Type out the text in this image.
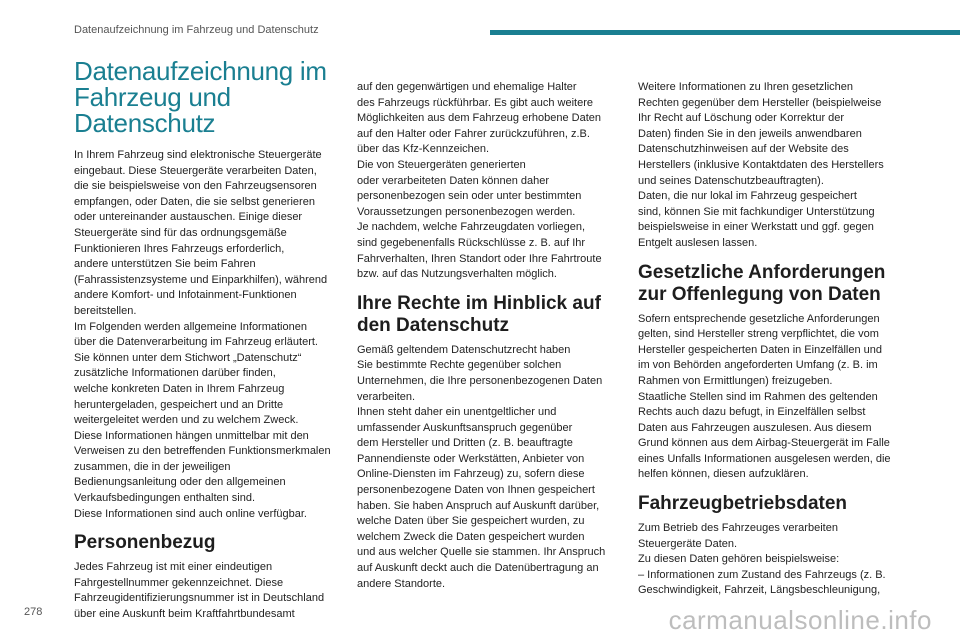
Datenaufzeichnung im Fahrzeug und Datenschutz
Datenaufzeichnung im Fahrzeug und Datenschutz

In Ihrem Fahrzeug sind elektronische Steuergeräte
eingebaut. Diese Steuergeräte verarbeiten Daten,
die sie beispielsweise von den Fahrzeugsensoren
empfangen, oder Daten, die sie selbst generieren
oder untereinander austauschen. Einige dieser
Steuergeräte sind für das ordnungsgemäße
Funktionieren Ihres Fahrzeugs erforderlich,
andere unterstützen Sie beim Fahren
(Fahrassistenzsysteme und Einparkhilfen), während
andere Komfort- und Infotainment-Funktionen
bereitstellen.
Im Folgenden werden allgemeine Informationen
über die Datenverarbeitung im Fahrzeug erläutert.
Sie können unter dem Stichwort „Datenschutz“
zusätzliche Informationen darüber finden,
welche konkreten Daten in Ihrem Fahrzeug
heruntergeladen, gespeichert und an Dritte
weitergeleitet werden und zu welchem Zweck.
Diese Informationen hängen unmittelbar mit den
Verweisen zu den betreffenden Funktionsmerkmalen
zusammen, die in der jeweiligen
Bedienungsanleitung oder den allgemeinen
Verkaufsbedingungen enthalten sind.
Diese Informationen sind auch online verfügbar.

Personenbezug

Jedes Fahrzeug ist mit einer eindeutigen
Fahrgestellnummer gekennzeichnet. Diese
Fahrzeugidentifizierungsnummer ist in Deutschland
über eine Auskunft beim Kraftfahrtbundesamt

auf den gegenwärtigen und ehemalige Halter
des Fahrzeugs rückführbar. Es gibt auch weitere
Möglichkeiten aus dem Fahrzeug erhobene Daten
auf den Halter oder Fahrer zurückzuführen, z.B.
über das Kfz-Kennzeichen.
Die von Steuergeräten generierten
oder verarbeiteten Daten können daher
personenbezogen sein oder unter bestimmten
Voraussetzungen personenbezogen werden.
Je nachdem, welche Fahrzeugdaten vorliegen,
sind gegebenenfalls Rückschlüsse z. B. auf Ihr
Fahrverhalten, Ihren Standort oder Ihre Fahrtroute
bzw. auf das Nutzungsverhalten möglich.

Ihre Rechte im Hinblick auf den Datenschutz

Gemäß geltendem Datenschutzrecht haben
Sie bestimmte Rechte gegenüber solchen
Unternehmen, die Ihre personenbezogenen Daten
verarbeiten.
Ihnen steht daher ein unentgeltlicher und
umfassender Auskunftsanspruch gegenüber
dem Hersteller und Dritten (z. B. beauftragte
Pannendienste oder Werkstätten, Anbieter von
Online-Diensten im Fahrzeug) zu, sofern diese
personenbezogene Daten von Ihnen gespeichert
haben. Sie haben Anspruch auf Auskunft darüber,
welche Daten über Sie gespeichert wurden, zu
welchem Zweck die Daten gespeichert wurden
und aus welcher Quelle sie stammen. Ihr Anspruch
auf Auskunft deckt auch die Datenübertragung an
andere Standorte.

Weitere Informationen zu Ihren gesetzlichen
Rechten gegenüber dem Hersteller (beispielweise
Ihr Recht auf Löschung oder Korrektur der
Daten) finden Sie in den jeweils anwendbaren
Datenschutzhinweisen auf der Website des
Herstellers (inklusive Kontaktdaten des Herstellers
und seines Datenschutzbeauftragten).
Daten, die nur lokal im Fahrzeug gespeichert
sind, können Sie mit fachkundiger Unterstützung
beispielsweise in einer Werkstatt und ggf. gegen
Entgelt auslesen lassen.

Gesetzliche Anforderungen zur Offenlegung von Daten

Sofern entsprechende gesetzliche Anforderungen
gelten, sind Hersteller streng verpflichtet, die vom
Hersteller gespeicherten Daten in Einzelfällen und
im von Behörden angeforderten Umfang (z. B. im
Rahmen von Ermittlungen) freizugeben.
Staatliche Stellen sind im Rahmen des geltenden
Rechts auch dazu befugt, in Einzelfällen selbst
Daten aus Fahrzeugen auszulesen. Aus diesem
Grund können aus dem Airbag-Steuergerät im Falle
eines Unfalls Informationen ausgelesen werden, die
helfen können, diesen aufzuklären.

Fahrzeugbetriebsdaten

Zum Betrieb des Fahrzeuges verarbeiten
Steuergeräte Daten.
Zu diesen Daten gehören beispielsweise:
– Informationen zum Zustand des Fahrzeugs (z. B.
Geschwindigkeit, Fahrzeit, Längsbeschleunigung,

278	carmanualsonline.info
